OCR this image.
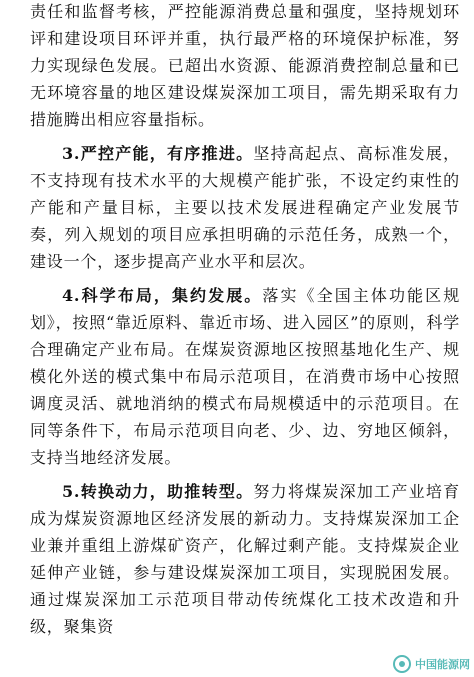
责任和监督考核，严控能源消费总量和强度，坚持规划环评和建设项目环评并重，执行最严格的环境保护标准，努力实现绿色发展。已超出水资源、能源消费控制总量和已无环境容量的地区建设煤炭深加工项目，需先期采取有力措施腾出相应容量指标。

3.严控产能，有序推进。坚持高起点、高标准发展，不支持现有技术水平的大规模产能扩张，不设定约束性的产能和产量目标，主要以技术发展进程确定产业发展节奏，列入规划的项目应承担明确的示范任务，成熟一个，建设一个，逐步提高产业水平和层次。

4.科学布局，集约发展。落实《全国主体功能区规划》，按照“靠近原料、靠近市场、进入园区”的原则，科学合理确定产业布局。在煤炭资源地区按照基地化生产、规模化外送的模式集中布局示范项目，在消费市场中心按照调度灵活、就地消纳的模式布局规模适中的示范项目。在同等条件下，布局示范项目向老、少、边、穷地区倾斜，支持当地经济发展。

5.转换动力，助推转型。努力将煤炭深加工产业培育成为煤炭资源地区经济发展的新动力。支持煤炭深加工企业兼并重组上游煤矿资产，化解过剩产能。支持煤炭企业延伸产业链，参与建设煤炭深加工项目，实现脱困发展。通过煤炭深加工示范项目带动传统煤化工技术改造和升级，聚集资

中国能源网
